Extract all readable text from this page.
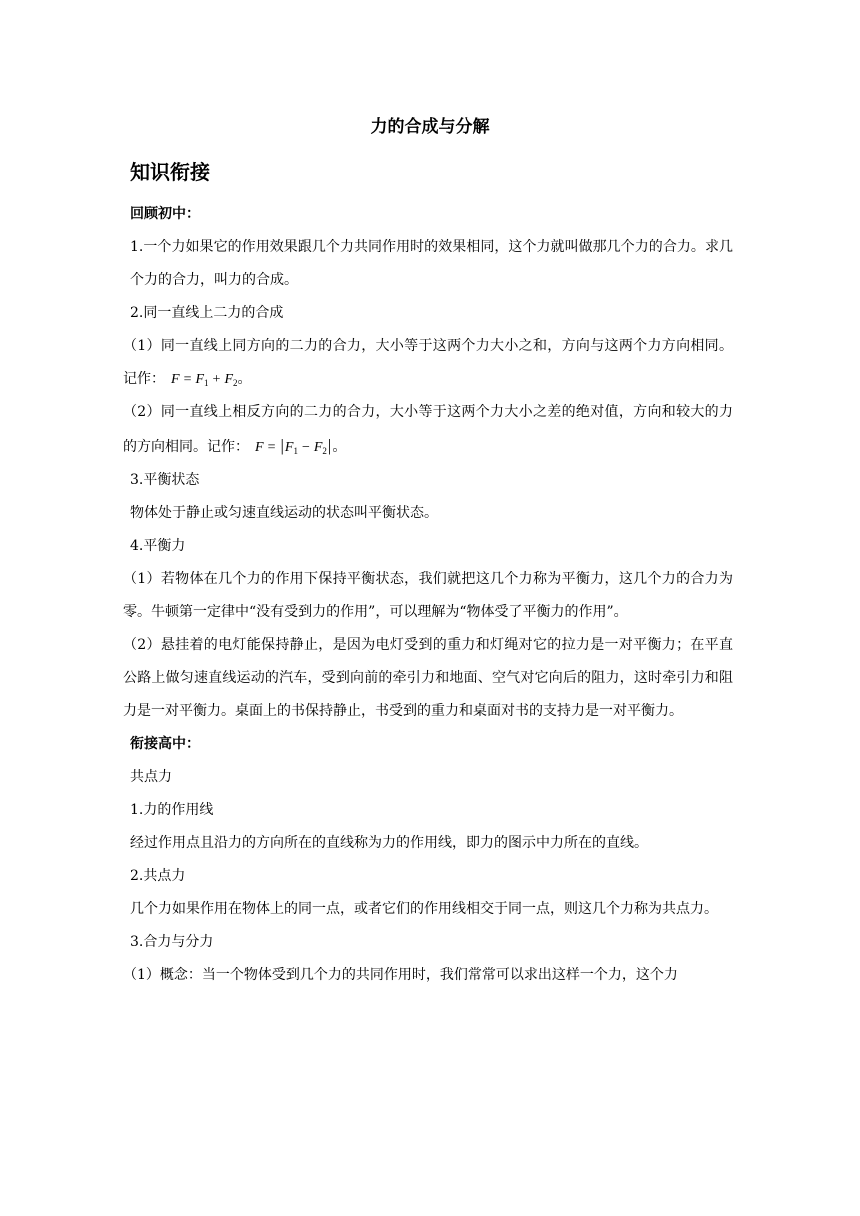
力的合成与分解
知识衔接

回顾初中：

1.一个力如果它的作用效果跟几个力共同作用时的效果相同，这个力就叫做那几个力的合力。求几个力的合力，叫力的合成。

2.同一直线上二力的合成

（1）同一直线上同方向的二力的合力，大小等于这两个力大小之和，方向与这两个力方向相同。记作： $F = F_1 + F_2$。

（2）同一直线上相反方向的二力的合力，大小等于这两个力大小之差的绝对值，方向和较大的力的方向相同。记作： $F = |F_1 - F_2|$。

3.平衡状态

物体处于静止或匀速直线运动的状态叫平衡状态。

4.平衡力

（1）若物体在几个力的作用下保持平衡状态，我们就把这几个力称为平衡力，这几个力的合力为零。牛顿第一定律中“没有受到力的作用”，可以理解为“物体受了平衡力的作用”。

（2）悬挂着的电灯能保持静止，是因为电灯受到的重力和灯绳对它的拉力是一对平衡力；在平直公路上做匀速直线运动的汽车，受到向前的牵引力和地面、空气对它向后的阻力，这时牵引力和阻力是一对平衡力。桌面上的书保持静止，书受到的重力和桌面对书的支持力是一对平衡力。

衔接高中：

共点力

1.力的作用线

经过作用点且沿力的方向所在的直线称为力的作用线，即力的图示中力所在的直线。

2.共点力

几个力如果作用在物体上的同一点，或者它们的作用线相交于同一点，则这几个力称为共点力。

3.合力与分力

（1）概念：当一个物体受到几个力的共同作用时，我们常常可以求出这样一个力，这个力
